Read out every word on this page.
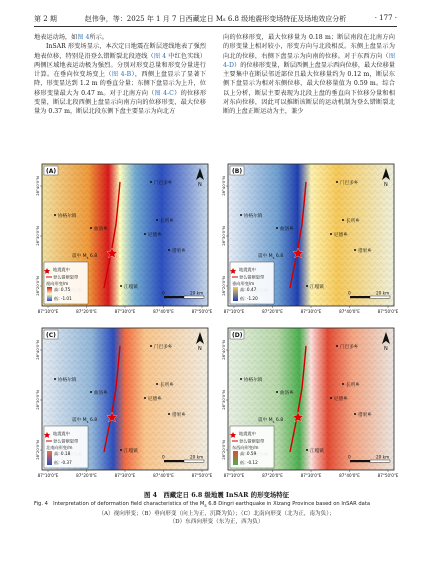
第 2 期	赵伟争，等：2025 年 1 月 7 日西藏定日 Ms 6.8 级地震形变场特征及场地效应分析	· 177 ·

地表运动场，如图 4所示。

InSAR 形变场显示，本次定日地震在断层迹线地表了强烈地表位移，特别是沿登么错断裂北段迹线（图 4 中红色实线）两侧区域地表运动极为强烈。分别对形变总量和形变分量进行计算。在垂向位变场变上（图 4-B），西侧上盘显示了显著下降，形变显达到 1.2 m 的垂直分量；东侧下盘显示为上升，位移形变量最大为 0.47 m。对于北南方向（图 4-C）的位移形变量，断层北段西侧上盘显示向南方向的位移形变，最大位移量为 0.37 m，断层北段东侧下盘主要显示为向北方

向的位移形变，最大位移量为 0.18 m；断层南段在北南方向的形变量上相对较小，形变方向与北段相反。东侧上盘显示为向北的位移，右侧下盘显示为向南的位移。对于东西方向（图 4-D）的位移形变量，断层西侧上盘显示西向位移，最大位移量主要集中在断层邻近部位且最大位移量约为 0.12 m，断层东侧下盘显示为相对东侧位移，最大位移量值为 0.59 m。综合以上分析，断层主要表现为北段上盘的垂直向下位移分量和相对东向位移，因此可以推断该断层的运动机制为登么错断裂北断的上盘正断运动为主，兼少

(A)
N
门巴多乡
协格尔镇
曲洛乡
长所乡
尼德乡
措果乡
江嘎镇
震中 $M_s$ 6.8
地震震中
登么错断裂带
视向形变/m
高: 0.75
低: -1.01
0	20 km
87°10'0"E	87°20'0"E	87°30'0"E	87°40'0"E	87°50'0"E
28°40'0"N
28°30'0"N
28°20'0"N
(B)
N
门巴多乡
协格尔镇
曲洛乡
长所乡
尼德乡
措果乡
江嘎镇
震中 $M_s$ 6.8
地震震中
登么错断裂带
垂向形变/m
高: 0.47
低: -1.20
0	20 km
87°10'0"E	87°20'0"E	87°30'0"E	87°40'0"E	87°50'0"E
28°40'0"N
28°30'0"N
28°20'0"N
(C)
N
门巴多乡
协格尔镇
曲洛乡
长所乡
尼德乡
措果乡
江嘎镇
震中 $M_s$ 6.8
地震震中
登么错断裂带
北南向形变/m
高: 0.18
低: -0.37
0	20 km
87°10'0"E	87°20'0"E	87°30'0"E	87°40'0"E	87°50'0"E
28°40'0"N
28°30'0"N
28°20'0"N
(D)
N
门巴多乡
协格尔镇
曲洛乡
长所乡
尼德乡
措果乡
江嘎镇
震中 $M_s$ 6.8
地震震中
登么错断裂带
东西向形变/m
高: 0.59
低: -0.12
0	20 km
87°10'0"E	87°20'0"E	87°30'0"E	87°40'0"E	87°50'0"E
28°40'0"N
28°30'0"N
28°20'0"N
图 4　西藏定日 6.8 级地震 InSAR 的形变场特征
Fig. 4　Interpretation of deformation field characteristics of the $M_s$ 6.8 Dingri earthquake in Xizang Province based on InSAR data
（A）视向形变；（B）垂向形变（向上为正，沉降为负）；（C）北南向形变（北为正，南为负）；
（D）东西向形变（东为正，西为负）
